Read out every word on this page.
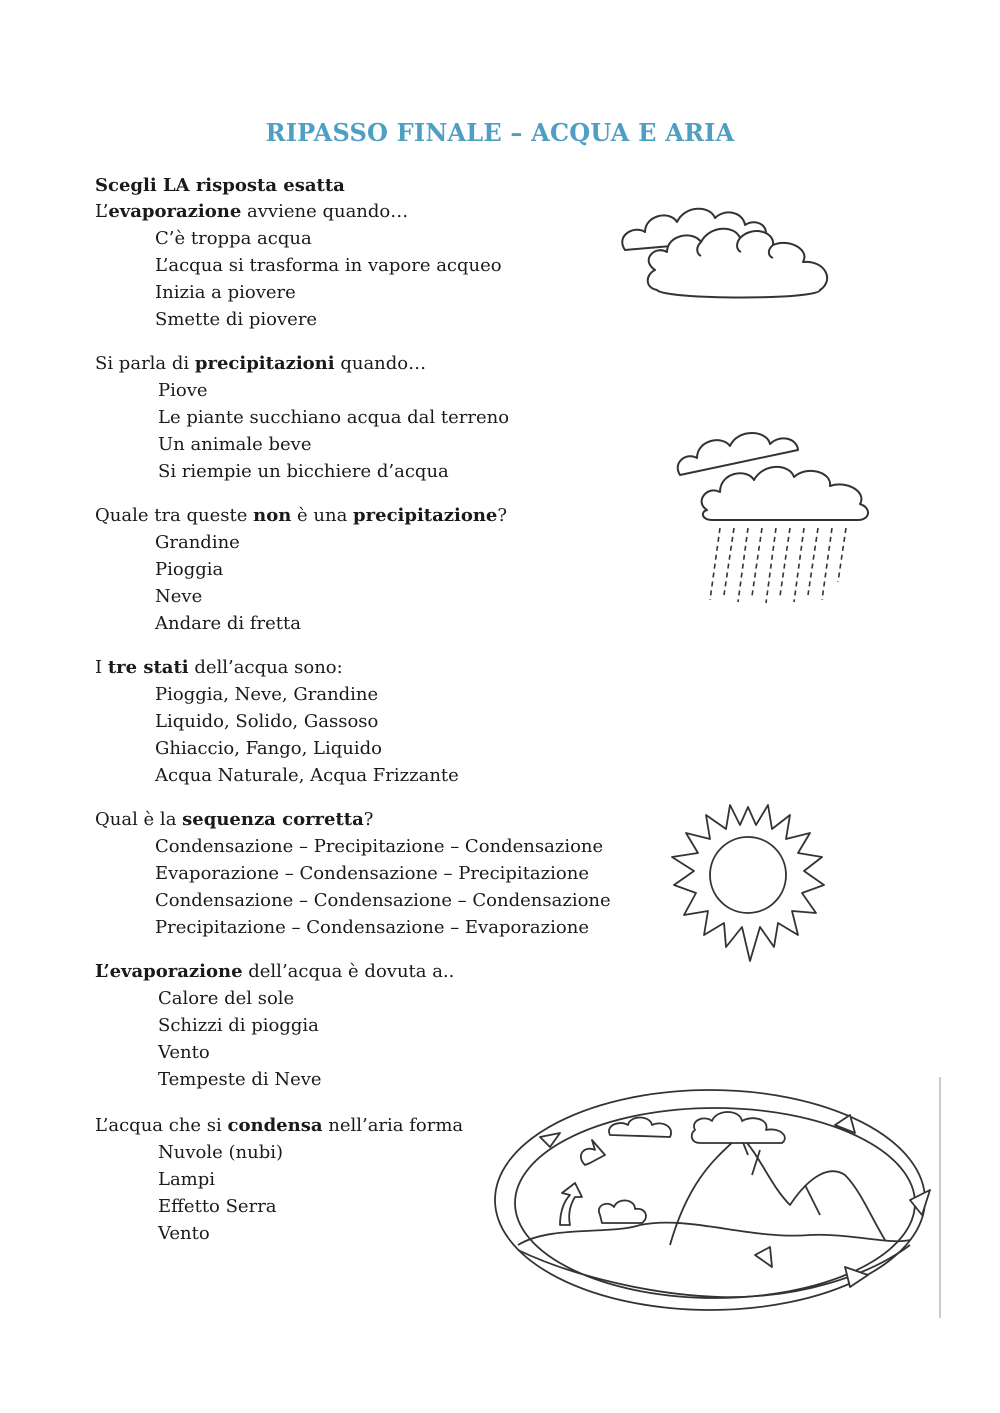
RIPASSO FINALE – ACQUA E ARIA
Scegli LA risposta esatta
L’evaporazione avviene quando…
C’è troppa acqua
L’acqua si trasforma in vapore acqueo
Inizia a piovere
Smette di piovere
Si parla di precipitazioni quando…
Piove
Le piante succhiano acqua dal terreno
Un animale beve
Si riempie un bicchiere d’acqua
Quale tra queste non è una precipitazione?
Grandine
Pioggia
Neve
Andare di fretta
I tre stati dell’acqua sono:
Pioggia, Neve, Grandine
Liquido, Solido, Gassoso
Ghiaccio, Fango, Liquido
Acqua Naturale, Acqua Frizzante
Qual è la sequenza corretta?
Condensazione – Precipitazione – Condensazione
Evaporazione – Condensazione – Precipitazione
Condensazione – Condensazione – Condensazione
Precipitazione – Condensazione – Evaporazione
L’evaporazione dell’acqua è dovuta a..
Calore del sole
Schizzi di pioggia
Vento
Tempeste di Neve
L’acqua che si condensa nell’aria forma
Nuvole (nubi)
Lampi
Effetto Serra
Vento
